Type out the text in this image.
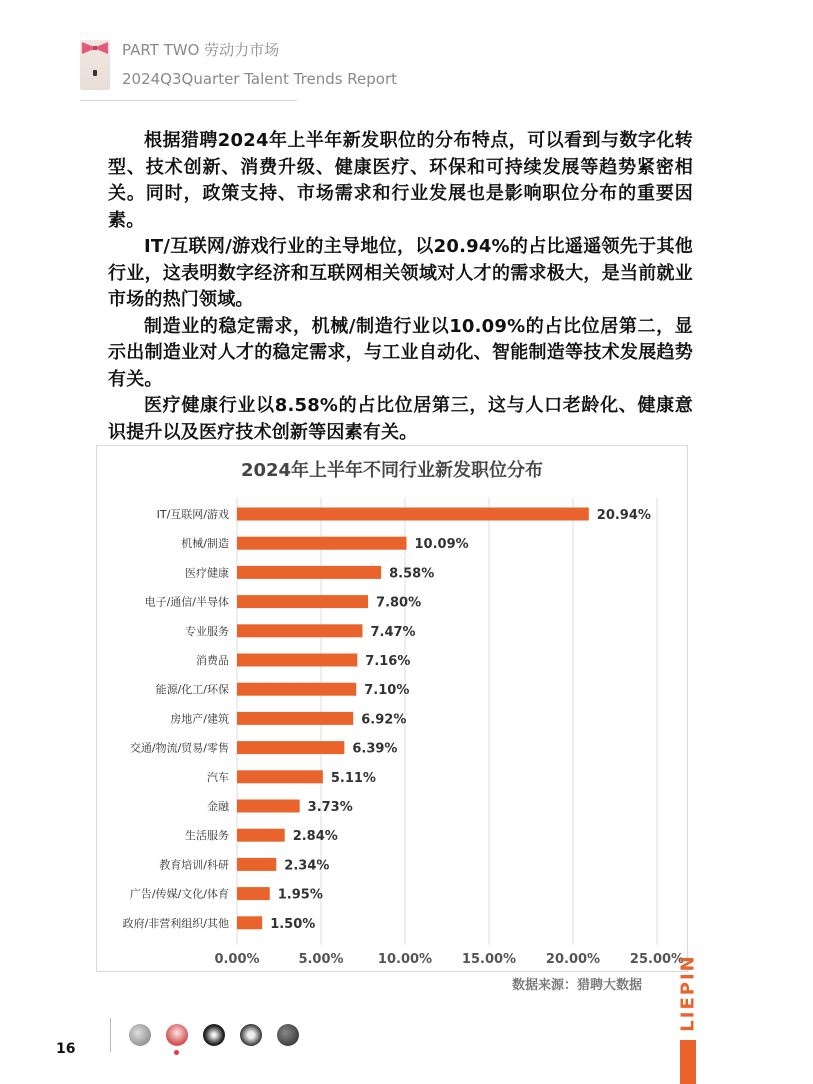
PART TWO 劳动力市场
2024Q3Quarter Talent Trends Report

根据猎聘2024年上半年新发职位的分布特点，可以看到与数字化转型、技术创新、消费升级、健康医疗、环保和可持续发展等趋势紧密相关。同时，政策支持、市场需求和行业发展也是影响职位分布的重要因素。

IT/互联网/游戏行业的主导地位，以20.94%的占比遥遥领先于其他行业，这表明数字经济和互联网相关领域对人才的需求极大，是当前就业市场的热门领域。

制造业的稳定需求，机械/制造行业以10.09%的占比位居第二，显示出制造业对人才的稳定需求，与工业自动化、智能制造等技术发展趋势有关。

医疗健康行业以8.58%的占比位居第三，这与人口老龄化、健康意识提升以及医疗技术创新等因素有关。

2024年上半年不同行业新发职位分布
0.00%	5.00%	10.00% 15.00% 20.00% 25.00%
IT/互联网/游戏	20.94%
机械/制造	10.09%
医疗健康	8.58%
电子/通信/半导体	7.80%
专业服务	7.47%
消费品	7.16%
能源/化工/环保	7.10%
房地产/建筑	6.92%
交通/物流/贸易/零售	6.39%
汽车	5.11%
金融	3.73%
生活服务	2.84%
教育培训/科研	2.34%
广告/传媒/文化/体育	1.95%
政府/非营利组织/其他	1.50%
数据来源：猎聘大数据 LIEPIN
16
